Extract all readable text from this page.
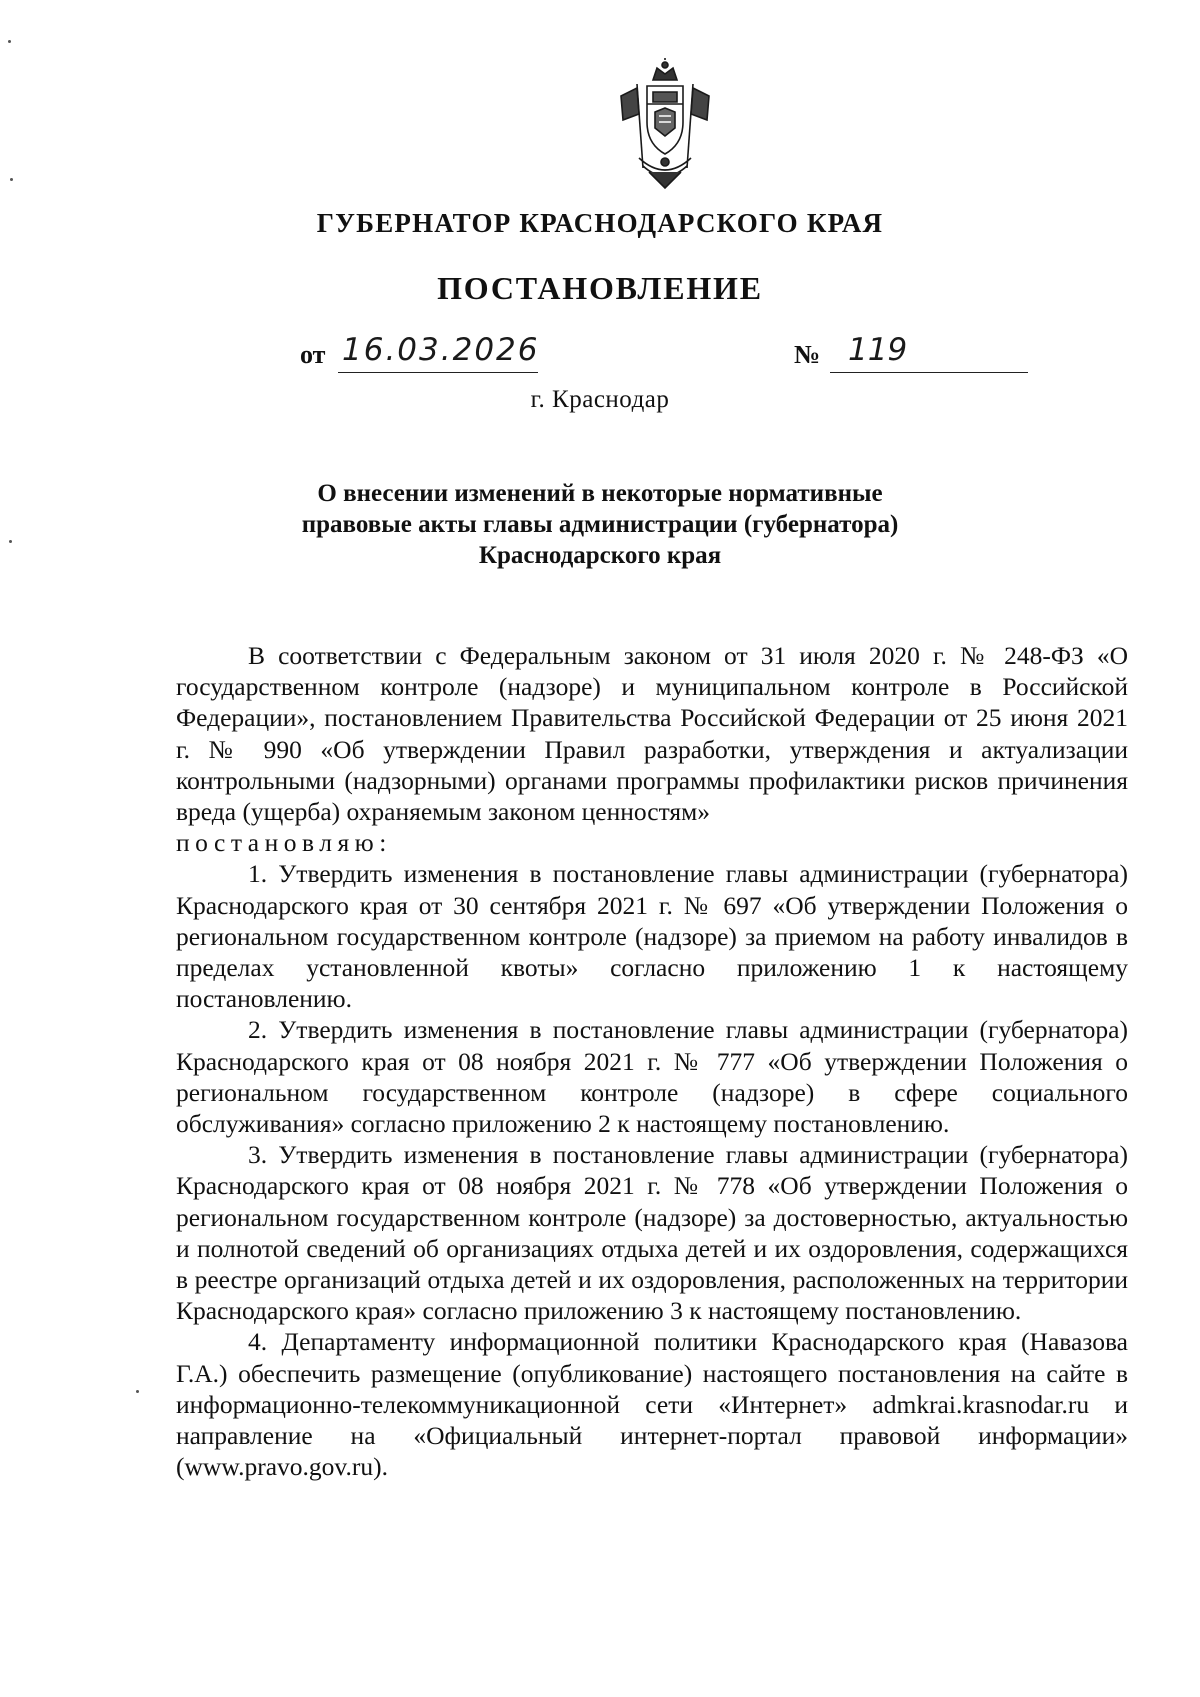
ГУБЕРНАТОР КРАСНОДАРСКОГО КРАЯ
ПОСТАНОВЛЕНИЕ
от 16.03.2026	№ 119
г. Краснодар
О внесении изменений в некоторые нормативные
правовые акты главы администрации (губернатора)
Краснодарского края

В соответствии с Федеральным законом от 31 июля 2020 г. № 248-ФЗ «О государственном контроле (надзоре) и муниципальном контроле в Российской Федерации», постановлением Правительства Российской Федерации от 25 июня 2021 г. № 990 «Об утверждении Правил разработки, утверждения и актуализации контрольными (надзорными) органами программы профилактики рисков причинения вреда (ущерба) охраняемым законом ценностям»

постановляю:

1. Утвердить изменения в постановление главы администрации (губернатора) Краснодарского края от 30 сентября 2021 г. № 697 «Об утверждении Положения о региональном государственном контроле (надзоре) за приемом на работу инвалидов в пределах установленной квоты» согласно приложению 1 к настоящему постановлению.

2. Утвердить изменения в постановление главы администрации (губернатора) Краснодарского края от 08 ноября 2021 г. № 777 «Об утверждении Положения о региональном государственном контроле (надзоре) в сфере социального обслуживания» согласно приложению 2 к настоящему постановлению.

3. Утвердить изменения в постановление главы администрации (губернатора) Краснодарского края от 08 ноября 2021 г. № 778 «Об утверждении Положения о региональном государственном контроле (надзоре) за достоверностью, актуальностью и полнотой сведений об организациях отдыха детей и их оздоровления, содержащихся в реестре организаций отдыха детей и их оздоровления, расположенных на территории Краснодарского края» согласно приложению 3 к настоящему постановлению.

4. Департаменту информационной политики Краснодарского края (Навазова Г.А.) обеспечить размещение (опубликование) настоящего постановления на сайте в информационно-телекоммуникационной сети «Интернет» admkrai.krasnodar.ru и направление на «Официальный интернет-портал правовой информации» (www.pravo.gov.ru).
